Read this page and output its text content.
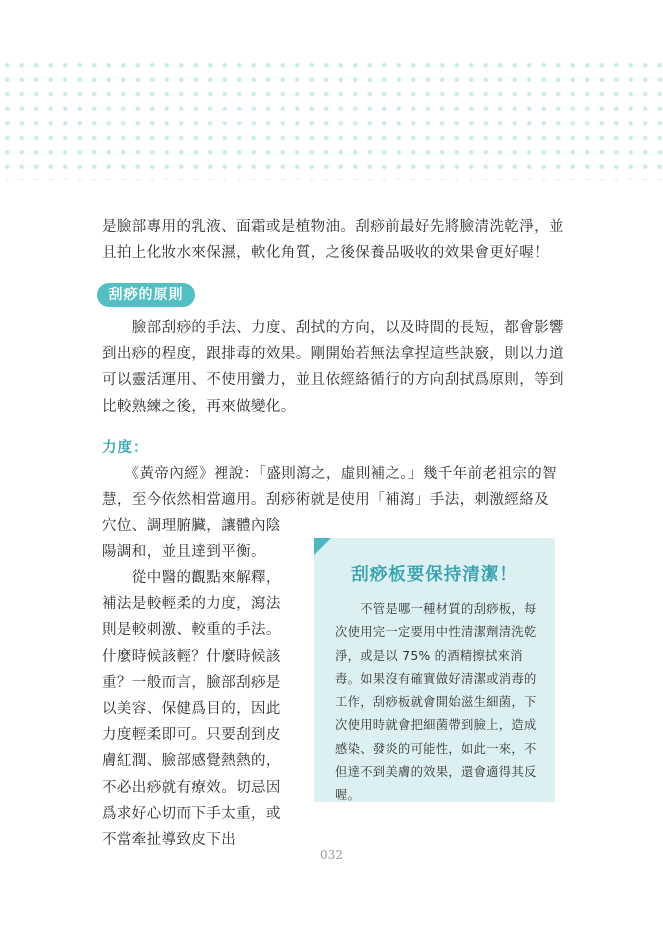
是臉部專用的乳液、面霜或是植物油。刮痧前最好先將臉清洗乾淨，並且拍上化妝水來保濕，軟化角質，之後保養品吸收的效果會更好喔！

刮痧的原則

　　臉部刮痧的手法、力度、刮拭的方向，以及時間的長短，都會影響到出痧的程度，跟排毒的效果。剛開始若無法拿捏這些訣竅，則以力道可以靈活運用、不使用蠻力，並且依經絡循行的方向刮拭爲原則，等到比較熟練之後，再來做變化。

力度：

　　《黃帝內經》裡說：「盛則瀉之，虛則補之。」幾千年前老祖宗的智慧，至今依然相當適用。刮痧術就是使用「補瀉」手法，刺激經絡及

穴位、調理腑臟，讓體內陰陽調和，並且達到平衡。

　　從中醫的觀點來解釋，補法是較輕柔的力度，瀉法則是較刺激、較重的手法。什麼時候該輕？什麼時候該重？一般而言，臉部刮痧是以美容、保健爲目的，因此力度輕柔即可。只要刮到皮膚紅潤、臉部感覺熱熱的，不必出痧就有療效。切忌因爲求好心切而下手太重，或不當牽扯導致皮下出

刮痧板要保持清潔！

　　不管是哪一種材質的刮痧板，每次使用完一定要用中性清潔劑清洗乾淨，或是以 75% 的酒精擦拭來消毒。如果沒有確實做好清潔或消毒的工作，刮痧板就會開始滋生細菌，下次使用時就會把細菌帶到臉上，造成感染、發炎的可能性，如此一來，不但達不到美膚的效果，還會適得其反喔。

032
